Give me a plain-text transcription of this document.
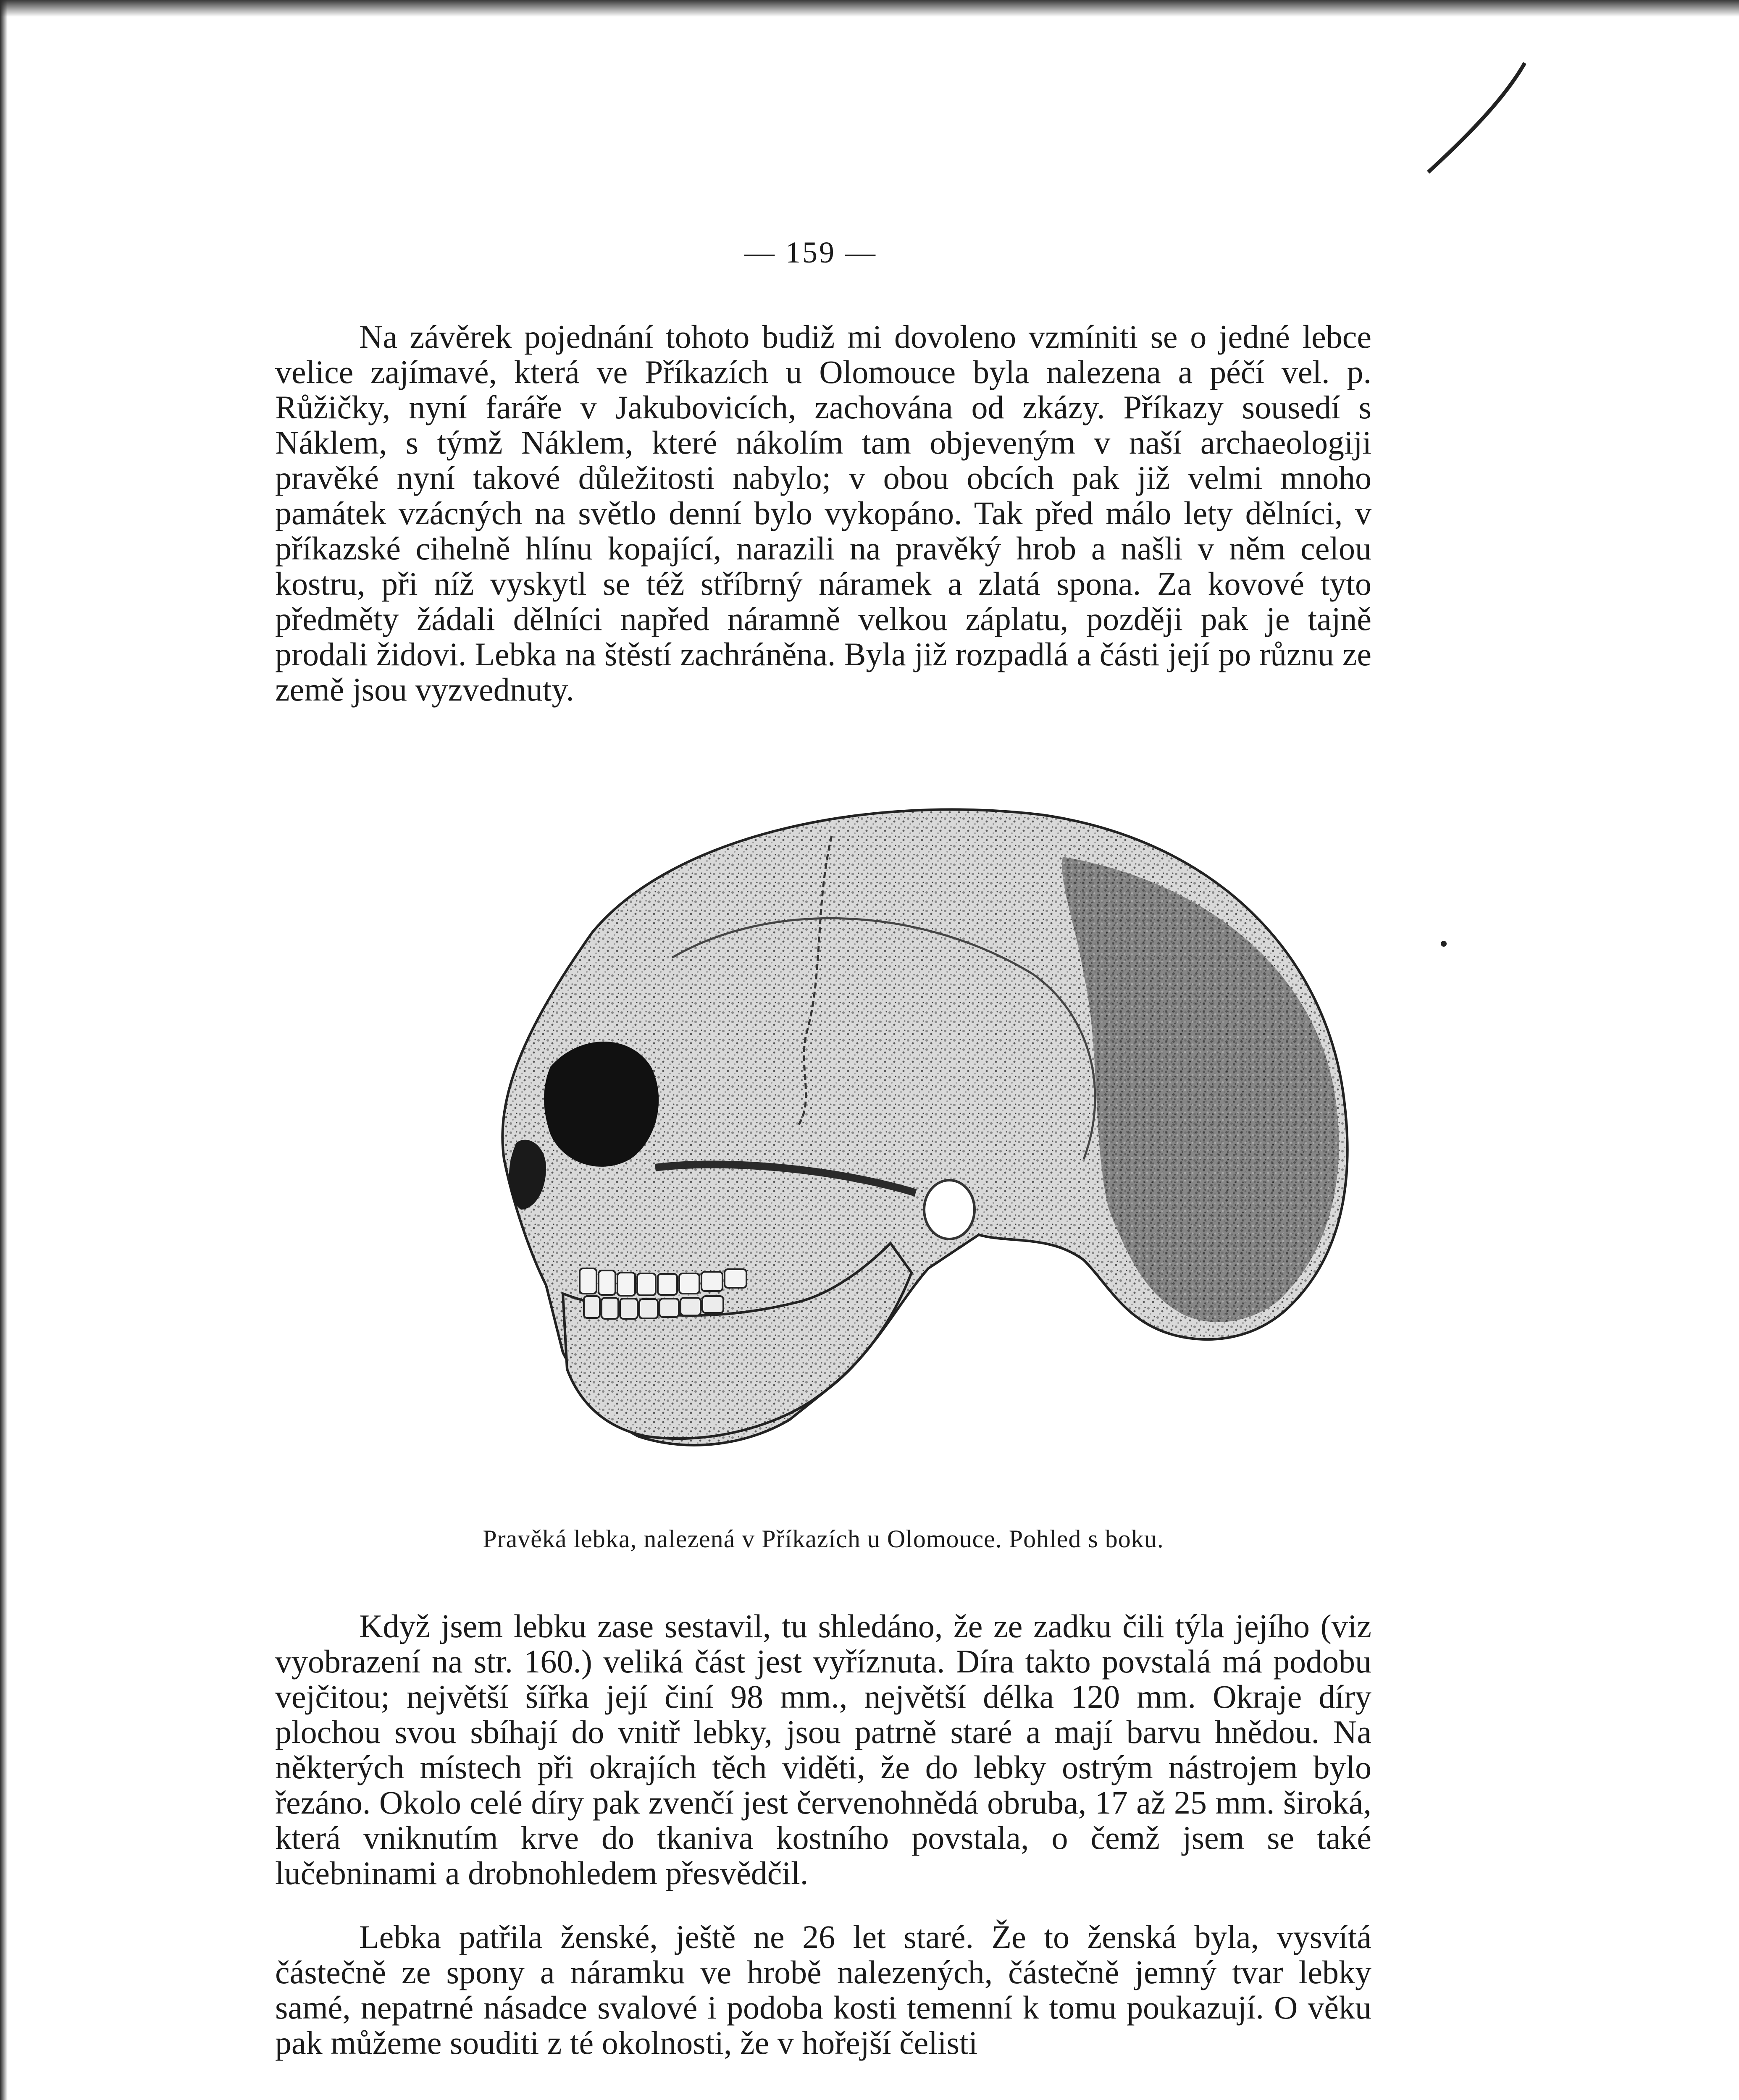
— 159 —

Na závěrek pojednání tohoto budiž mi dovoleno vzmíniti se o jedné lebce velice zajímavé, která ve Příkazích u Olomouce byla nalezena a péčí vel. p. Růžičky, nyní faráře v Jakubovicích, zachována od zkázy. Příkazy sousedí s Náklem, s týmž Náklem, které nákolím tam objeveným v naší archaeologiji pravěké nyní takové důležitosti nabylo; v obou obcích pak již velmi mnoho památek vzácných na světlo denní bylo vykopáno. Tak před málo lety dělníci, v příkazské cihelně hlínu kopající, narazili na pravěký hrob a našli v něm celou kostru, při níž vyskytl se též stříbrný náramek a zlatá spona. Za kovové tyto předměty žádali dělníci napřed náramně velkou záplatu, později pak je tajně prodali židovi. Lebka na štěstí zachráněna. Byla již rozpadlá a části její po různu ze země jsou vyzvednuty.

Pravěká lebka, nalezená v Příkazích u Olomouce. Pohled s boku.

Když jsem lebku zase sestavil, tu shledáno, že ze zadku čili týla jejího (viz vyobrazení na str. 160.) veliká část jest vyříznuta. Díra takto povstalá má podobu vejčitou; největší šířka její činí 98 mm., největší délka 120 mm. Okraje díry plochou svou sbíhají do vnitř lebky, jsou patrně staré a mají barvu hnědou. Na některých místech při okrajích těch viděti, že do lebky ostrým nástrojem bylo řezáno. Okolo celé díry pak zvenčí jest červenohnědá obruba, 17 až 25 mm. široká, která vniknutím krve do tkaniva kostního povstala, o čemž jsem se také lučebninami a drobnohledem přesvědčil.

Lebka patřila ženské, ještě ne 26 let staré. Že to ženská byla, vysvítá částečně ze spony a náramku ve hrobě nalezených, částečně jemný tvar lebky samé, nepatrné násadce svalové i podoba kosti temenní k tomu poukazují. O věku pak můžeme souditi z té okolnosti, že v hořejší čelisti
